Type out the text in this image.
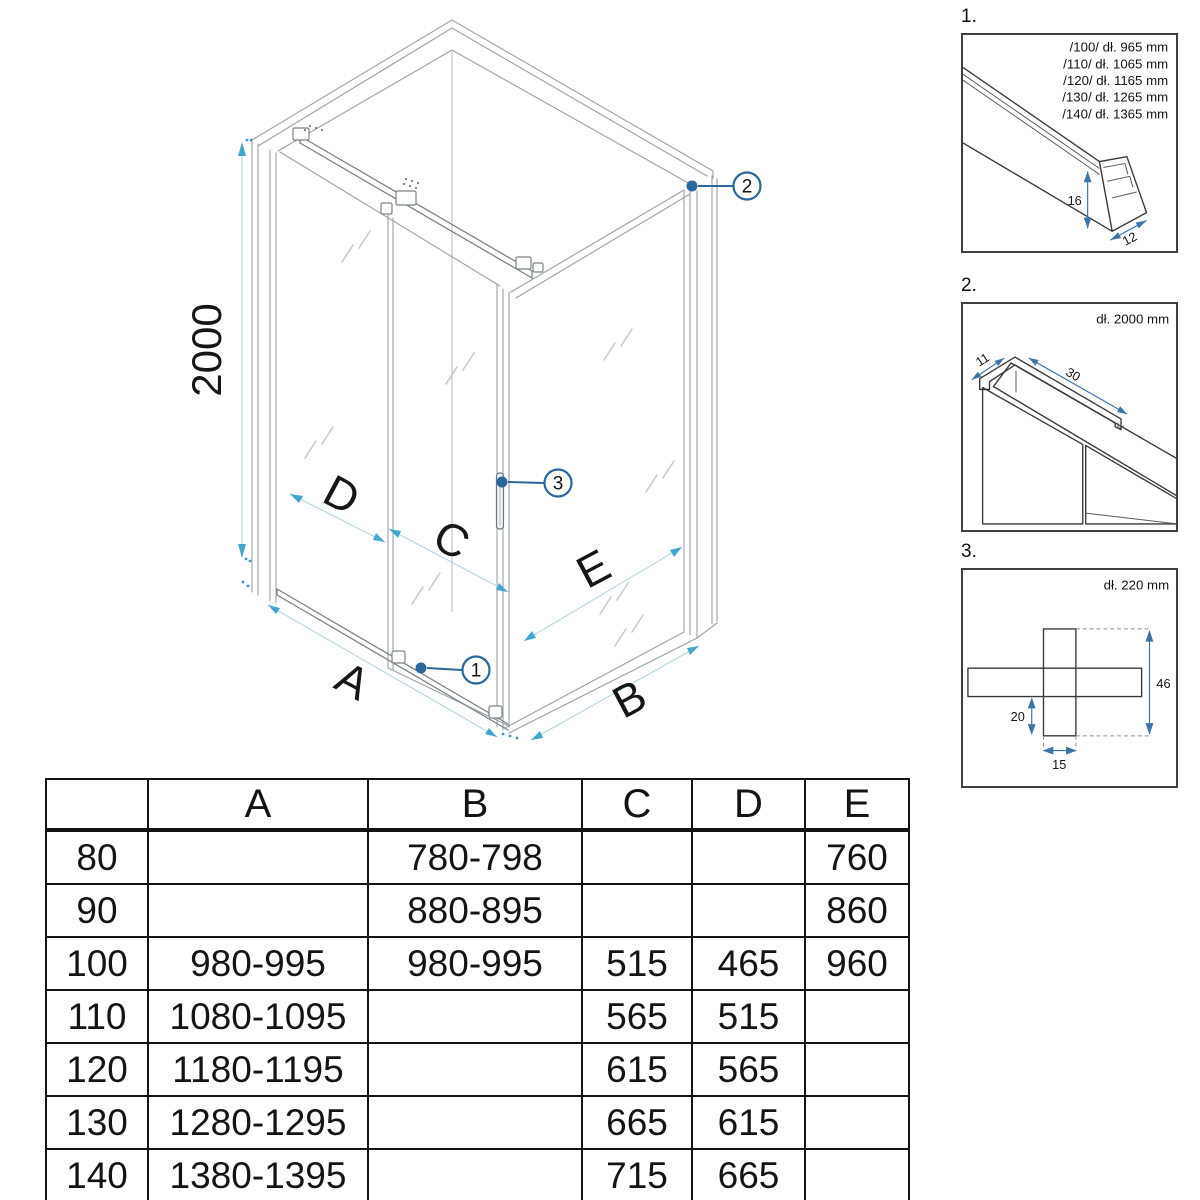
2000
D
C E
A	B
1
2
3
1.
/100/ dł. 965 mm
/110/ dł. 1065 mm
/120/ dł. 1165 mm
/130/ dł. 1265 mm
/140/ dł. 1365 mm
16
12
2.
dł. 2000 mm
11
30
3.
dł. 220 mm
46
20
15
	A	B	C	D	E
80		780-798			760
90		880-895			860
100	980-995	980-995	515	465	960
110	1080-1095		565	515	
120	1180-1195		615	565	
130	1280-1295		665	615	
140	1380-1395		715	665	
